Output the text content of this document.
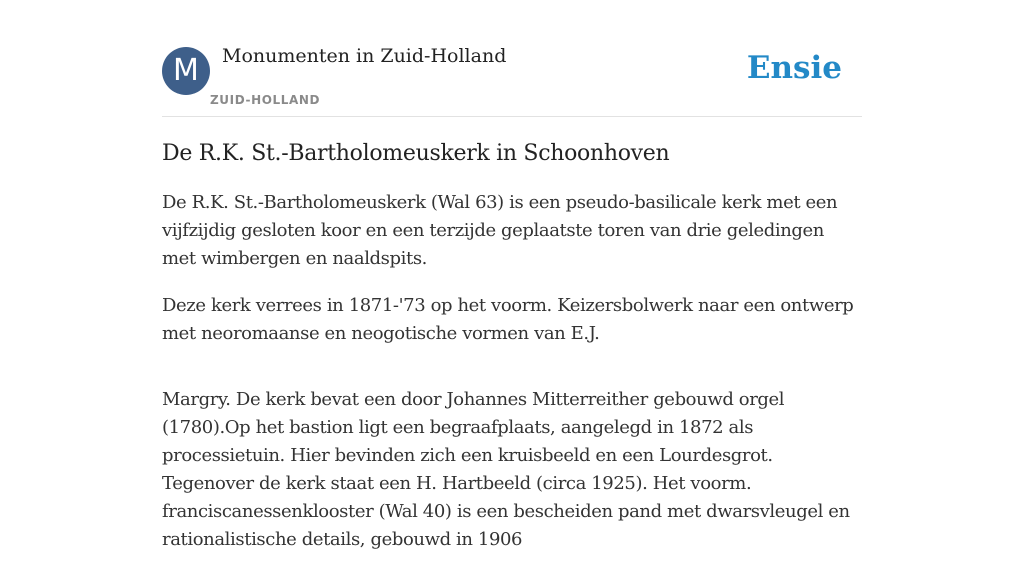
M	Monumenten in Zuid-Holland
ZUID-HOLLAND
Ensie
De R.K. St.-Bartholomeuskerk in Schoonhoven

De R.K. St.-Bartholomeuskerk (Wal 63) is een pseudo-basilicale kerk met een vijfzijdig gesloten koor en een terzijde geplaatste toren van drie geledingen met wimbergen en naaldspits.

Deze kerk verrees in 1871-'73 op het voorm. Keizersbolwerk naar een ontwerp met neoromaanse en neogotische vormen van E.J.

Margry. De kerk bevat een door Johannes Mitterreither gebouwd orgel (1780).Op het bastion ligt een begraafplaats, aangelegd in 1872 als processietuin. Hier bevinden zich een kruisbeeld en een Lourdesgrot. Tegenover de kerk staat een H. Hartbeeld (circa 1925). Het voorm. franciscanessenklooster (Wal 40) is een bescheiden pand met dwarsvleugel en rationalistische details, gebouwd in 1906
